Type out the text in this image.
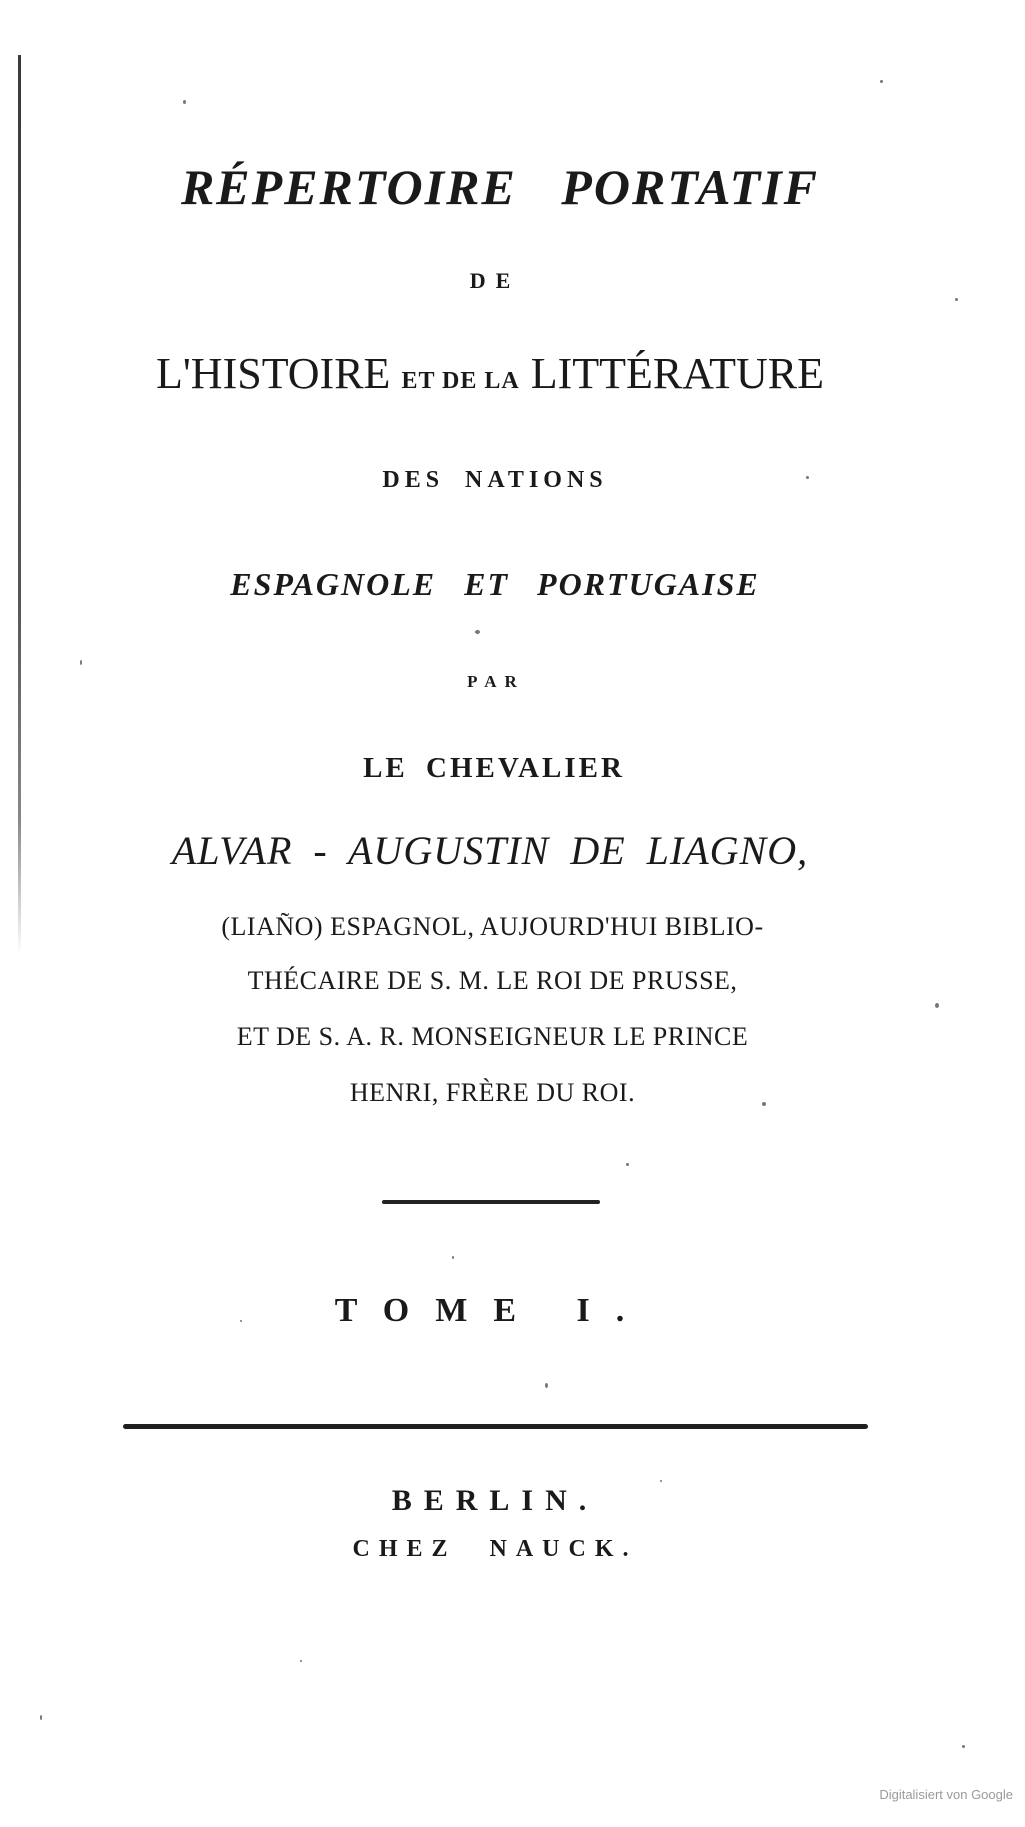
RÉPERTOIRE PORTATIF
DE
L'HISTOIRE ET DE LA LITTÉRATURE
DES NATIONS
ESPAGNOLE ET PORTUGAISE
PAR
LE CHEVALIER
ALVAR - AUGUSTIN DE LIAGNO,
(LIAÑO) ESPAGNOL, AUJOURD'HUI BIBLIO-
THÉCAIRE DE S. M. LE ROI DE PRUSSE,
ET DE S. A. R. MONSEIGNEUR LE PRINCE
HENRI, FRÈRE DU ROI.
TOME I.
BERLIN.
CHEZ NAUCK.
Digitalisiert von Google
